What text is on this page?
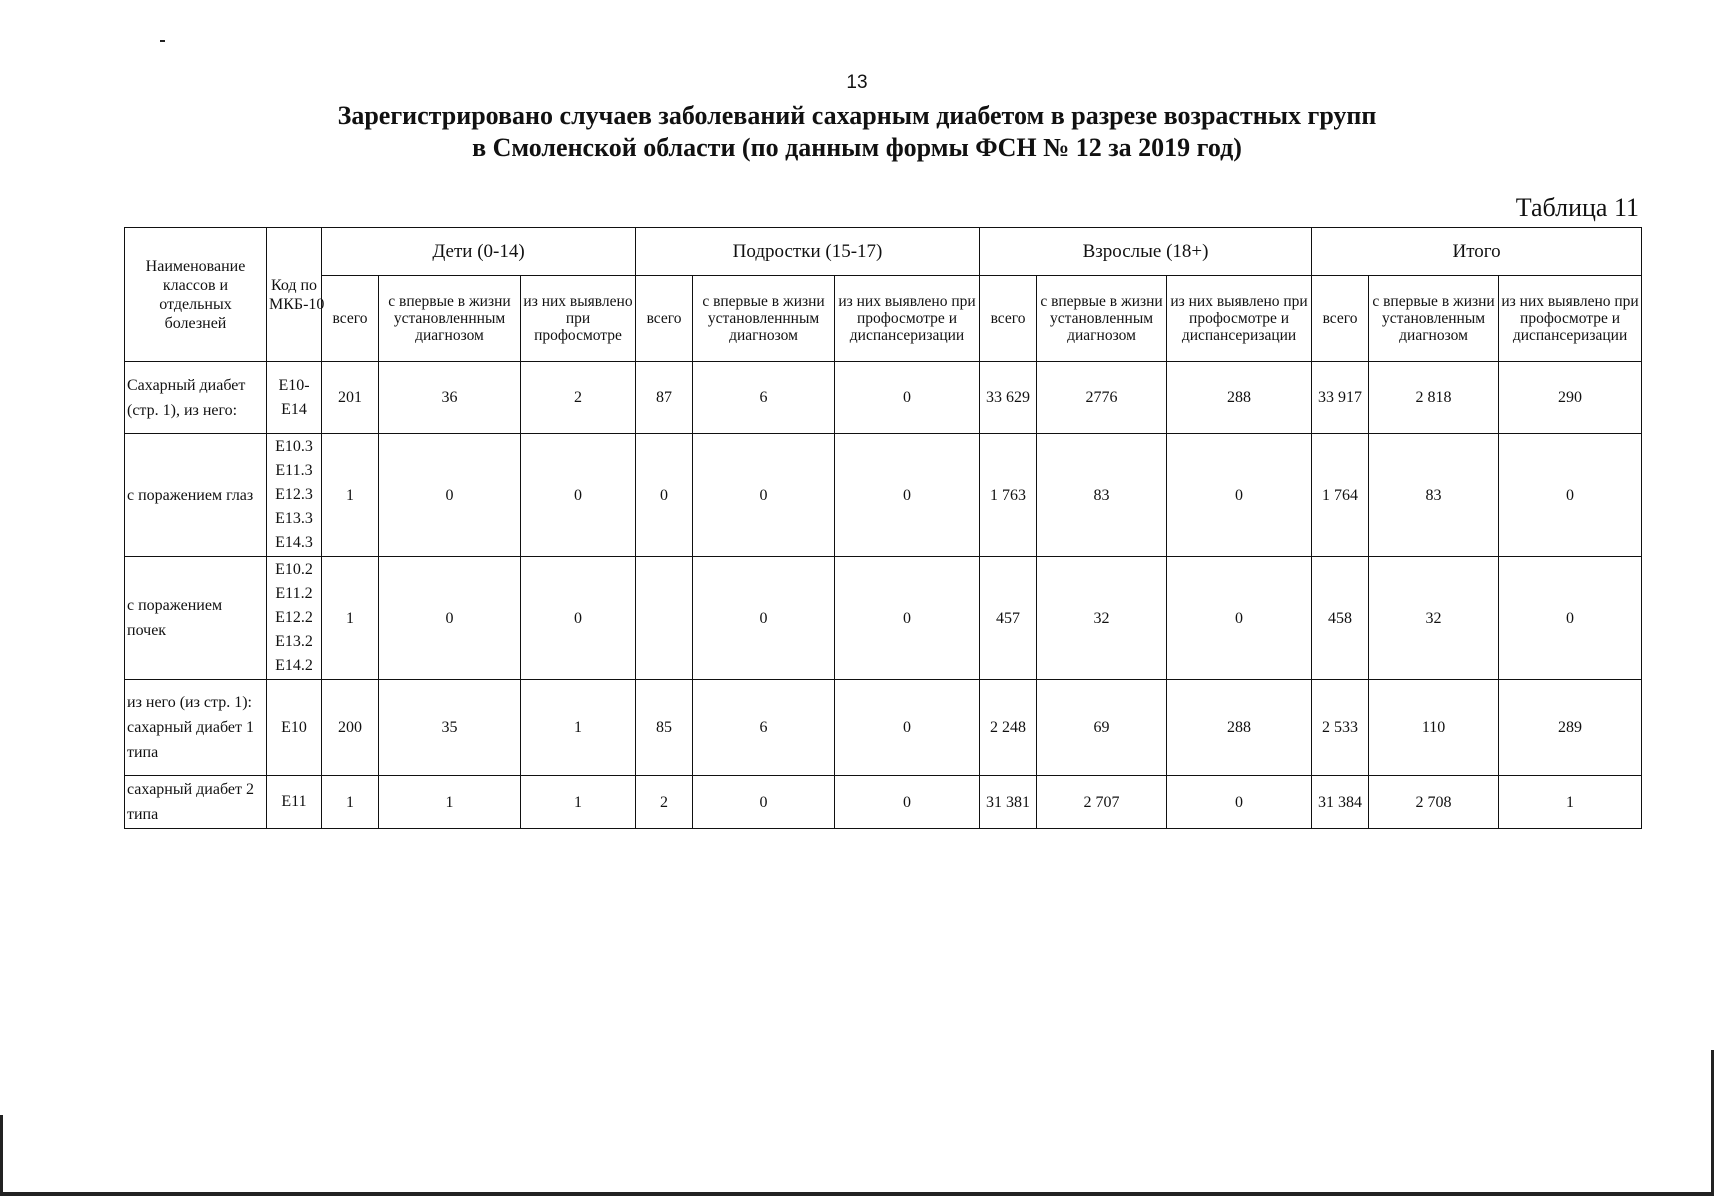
13
Зарегистрировано случаев заболеваний сахарным диабетом в разрезе возрастных групп
в Смоленской области (по данным формы ФСН № 12 за 2019 год)
Таблица 11
Наименование классов и отдельных болезней	Код по МКБ-10	Дети (0-14)			Подростки (15-17)			Взрослые (18+)			Итого		
		всего	с впервые в жизни установленнным диагнозом	из них выявлено при профосмотре	всего	с впервые в жизни установленнным диагнозом	из них выявлено при профосмотре и диспансеризации	всего	с впервые в жизни установленным диагнозом	из них выявлено при профосмотре и диспансеризации	всего	с впервые в жизни установленным диагнозом	из них выявлено при профосмотре и диспансеризации
Сахарный диабет (стр. 1), из него:	E10-E14	201	36	2	87	6	0	33 629	2776	288	33 917	2 818	290
с поражением глаз	E10.3 E11.3 E12.3 E13.3 E14.3	1	0	0	0	0	0	1 763	83	0	1 764	83	0
с поражением почек	E10.2 E11.2 E12.2 E13.2 E14.2	1	0	0		0	0	457	32	0	458	32	0
из него (из стр. 1): сахарный диабет 1 типа	E10	200	35	1	85	6	0	2 248	69	288	2 533	110	289
сахарный диабет 2 типа	E11	1	1	1	2	0	0	31 381	2 707	0	31 384	2 708	1
